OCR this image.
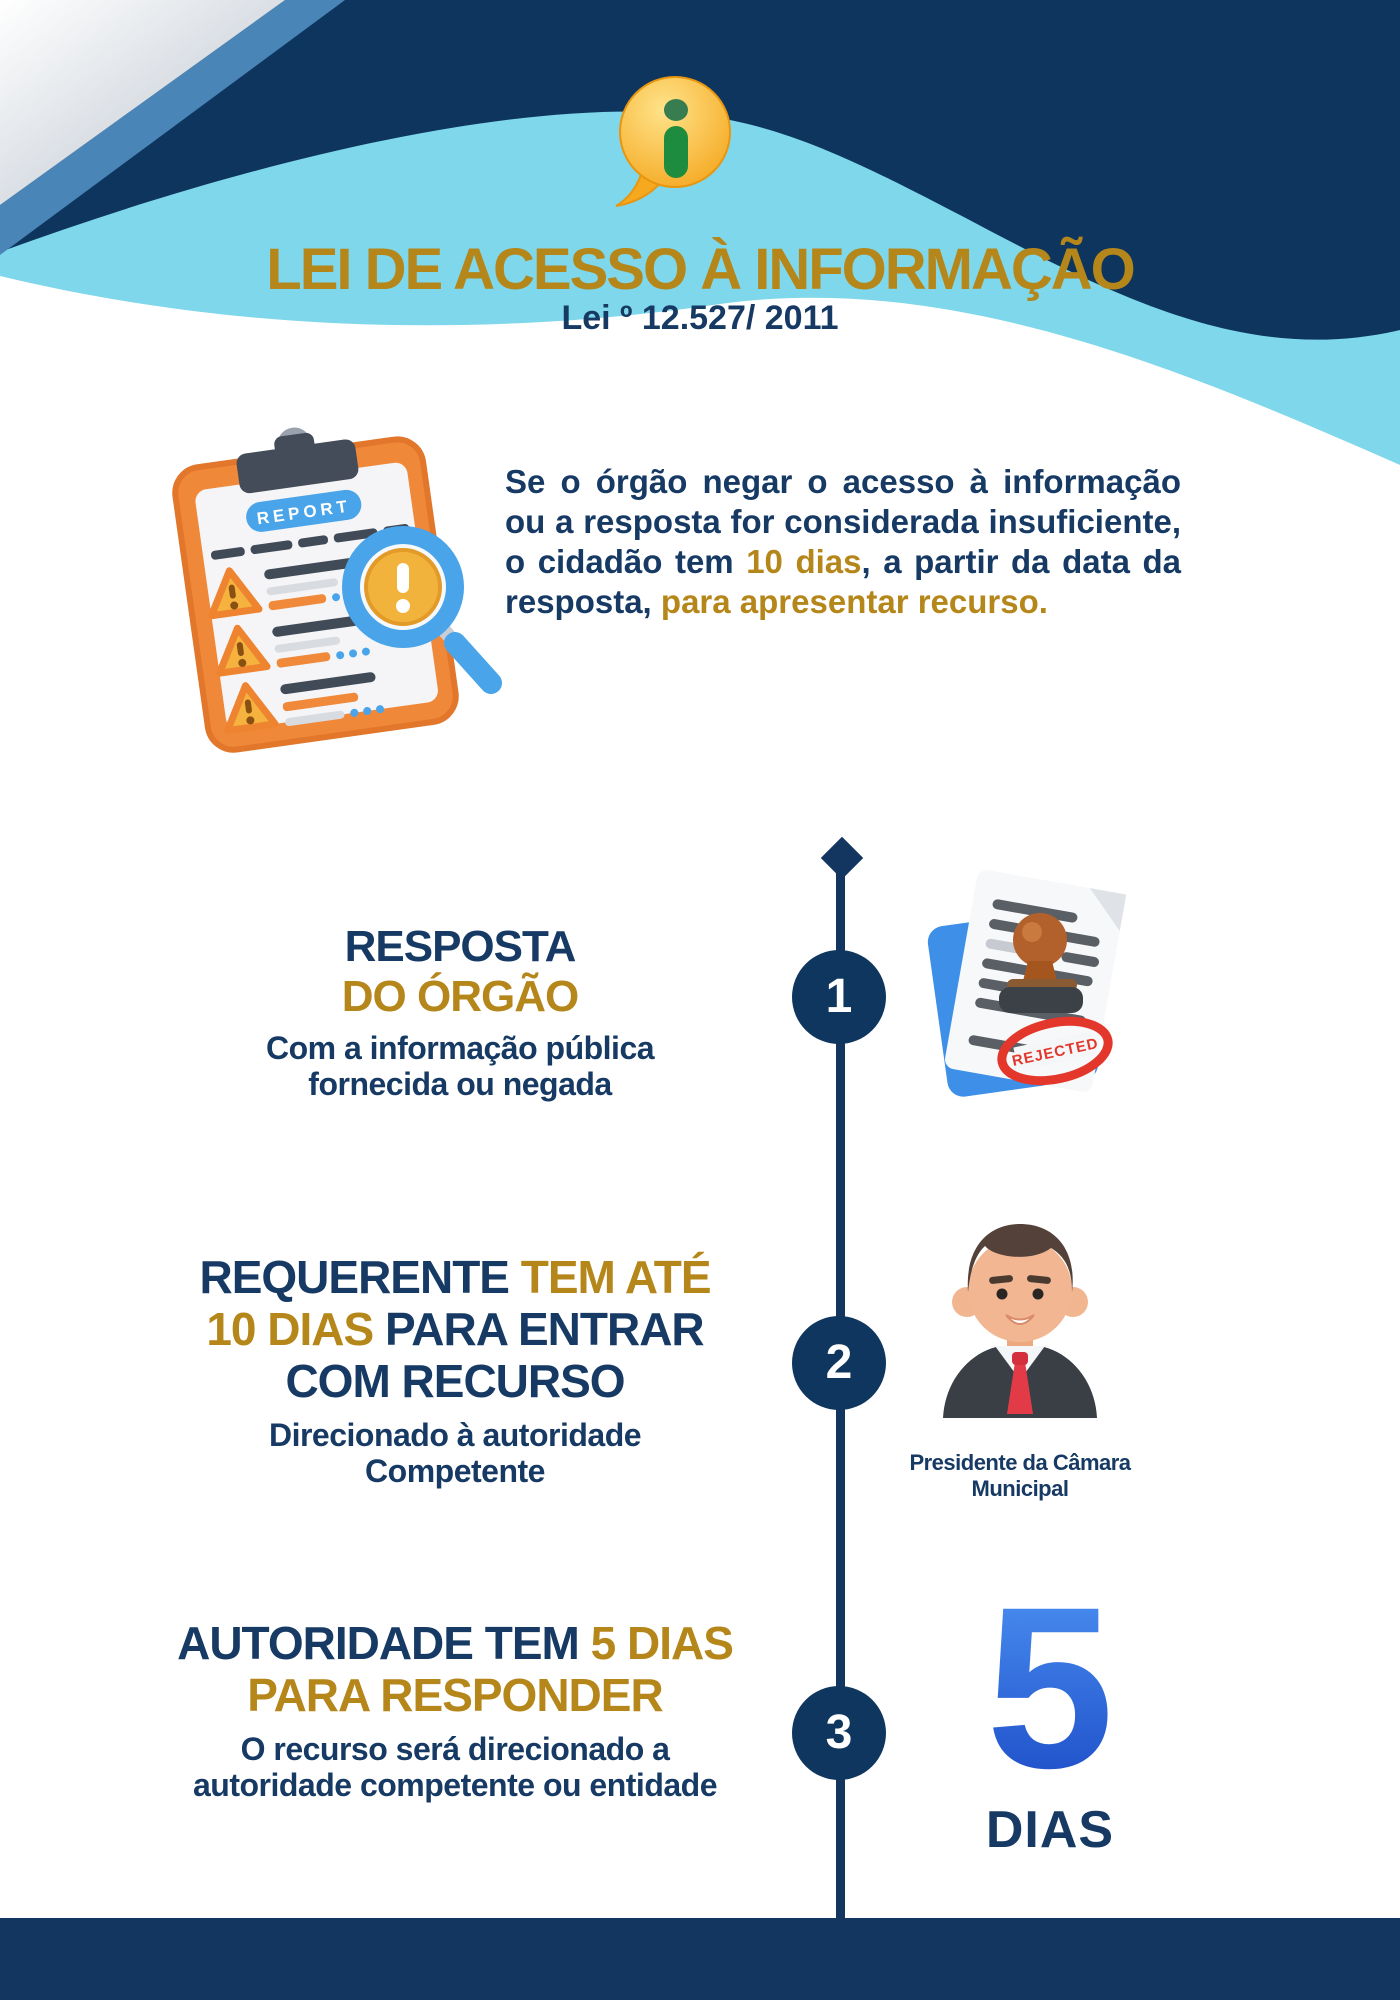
LEI DE ACESSO À INFORMAÇÃO
Lei º 12.527/ 2011
REPORT

Se o órgão negar o acesso à informação ou a resposta for considerada insuficiente, o cidadão tem 10 dias, a partir da data da resposta, para apresentar recurso.

1
2
3
RESPOSTA
DO ÓRGÃO
Com a informação pública fornecida ou negada
REJECTED
REQUERENTE TEM ATÉ
10 DIAS PARA ENTRAR
COM RECURSO
Direcionado à autoridade Competente	Presidente da Câmara Municipal
AUTORIDADE TEM 5 DIAS
PARA RESPONDER
O recurso será direcionado a autoridade competente ou entidade 5
DIAS
